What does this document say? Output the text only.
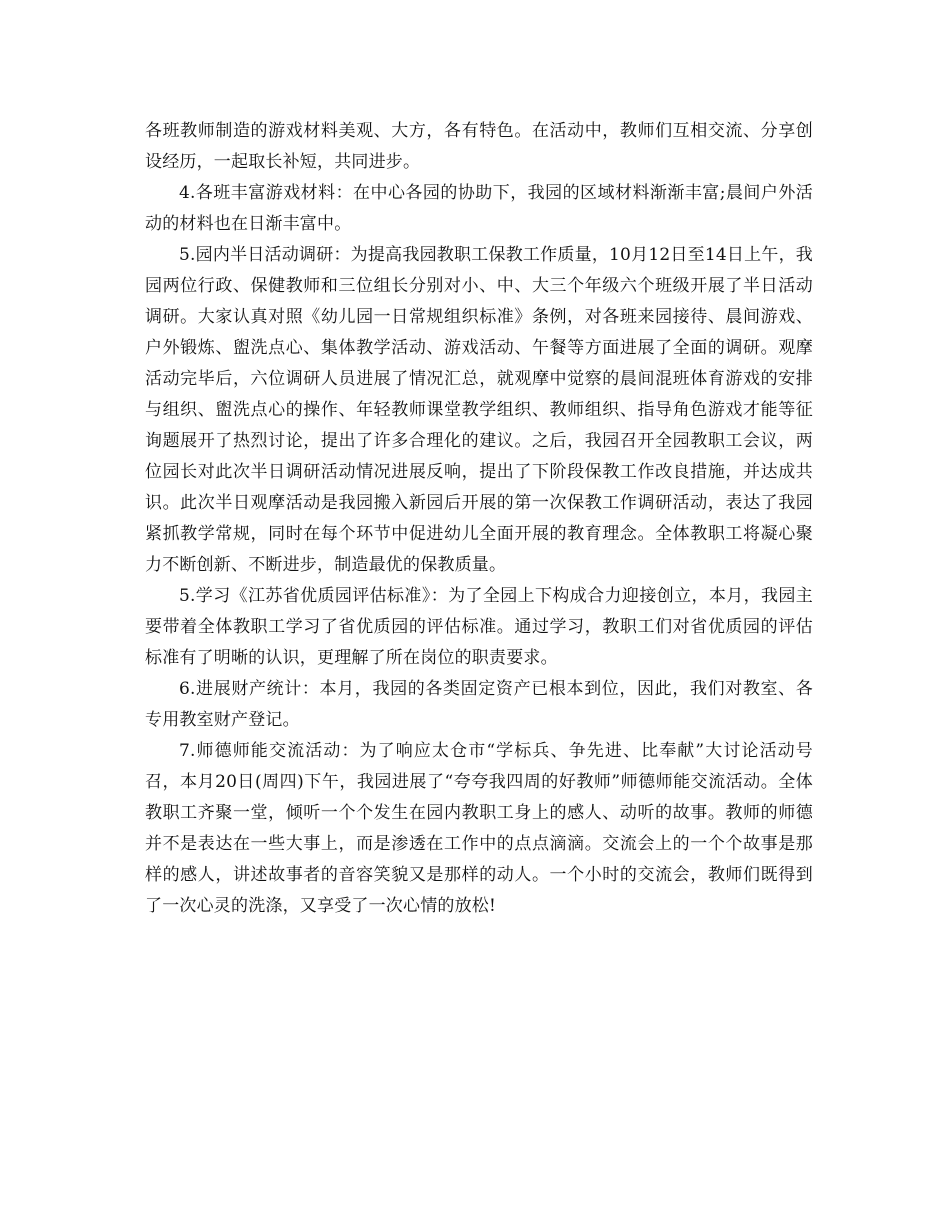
各班教师制造的游戏材料美观、大方，各有特色。在活动中，教师们互相交流、分享创设经历，一起取长补短，共同进步。

4.各班丰富游戏材料：在中心各园的协助下，我园的区域材料渐渐丰富;晨间户外活动的材料也在日渐丰富中。

5.园内半日活动调研：为提高我园教职工保教工作质量，10月12日至14日上午，我园两位行政、保健教师和三位组长分别对小、中、大三个年级六个班级开展了半日活动调研。大家认真对照《幼儿园一日常规组织标准》条例，对各班来园接待、晨间游戏、户外锻炼、盥洗点心、集体教学活动、游戏活动、午餐等方面进展了全面的调研。观摩活动完毕后，六位调研人员进展了情况汇总，就观摩中觉察的晨间混班体育游戏的安排与组织、盥洗点心的操作、年轻教师课堂教学组织、教师组织、指导角色游戏才能等征询题展开了热烈讨论，提出了许多合理化的建议。之后，我园召开全园教职工会议，两位园长对此次半日调研活动情况进展反响，提出了下阶段保教工作改良措施，并达成共识。此次半日观摩活动是我园搬入新园后开展的第一次保教工作调研活动，表达了我园紧抓教学常规，同时在每个环节中促进幼儿全面开展的教育理念。全体教职工将凝心聚力不断创新、不断进步，制造最优的保教质量。

5.学习《江苏省优质园评估标准》：为了全园上下构成合力迎接创立，本月，我园主要带着全体教职工学习了省优质园的评估标准。通过学习，教职工们对省优质园的评估标准有了明晰的认识，更理解了所在岗位的职责要求。

6.进展财产统计：本月，我园的各类固定资产已根本到位，因此，我们对教室、各专用教室财产登记。

7.师德师能交流活动：为了响应太仓市“学标兵、争先进、比奉献”大讨论活动号召，本月20日(周四)下午，我园进展了“夸夸我四周的好教师”师德师能交流活动。全体教职工齐聚一堂，倾听一个个发生在园内教职工身上的感人、动听的故事。教师的师德并不是表达在一些大事上，而是渗透在工作中的点点滴滴。交流会上的一个个故事是那样的感人，讲述故事者的音容笑貌又是那样的动人。一个小时的交流会，教师们既得到了一次心灵的洗涤，又享受了一次心情的放松!
